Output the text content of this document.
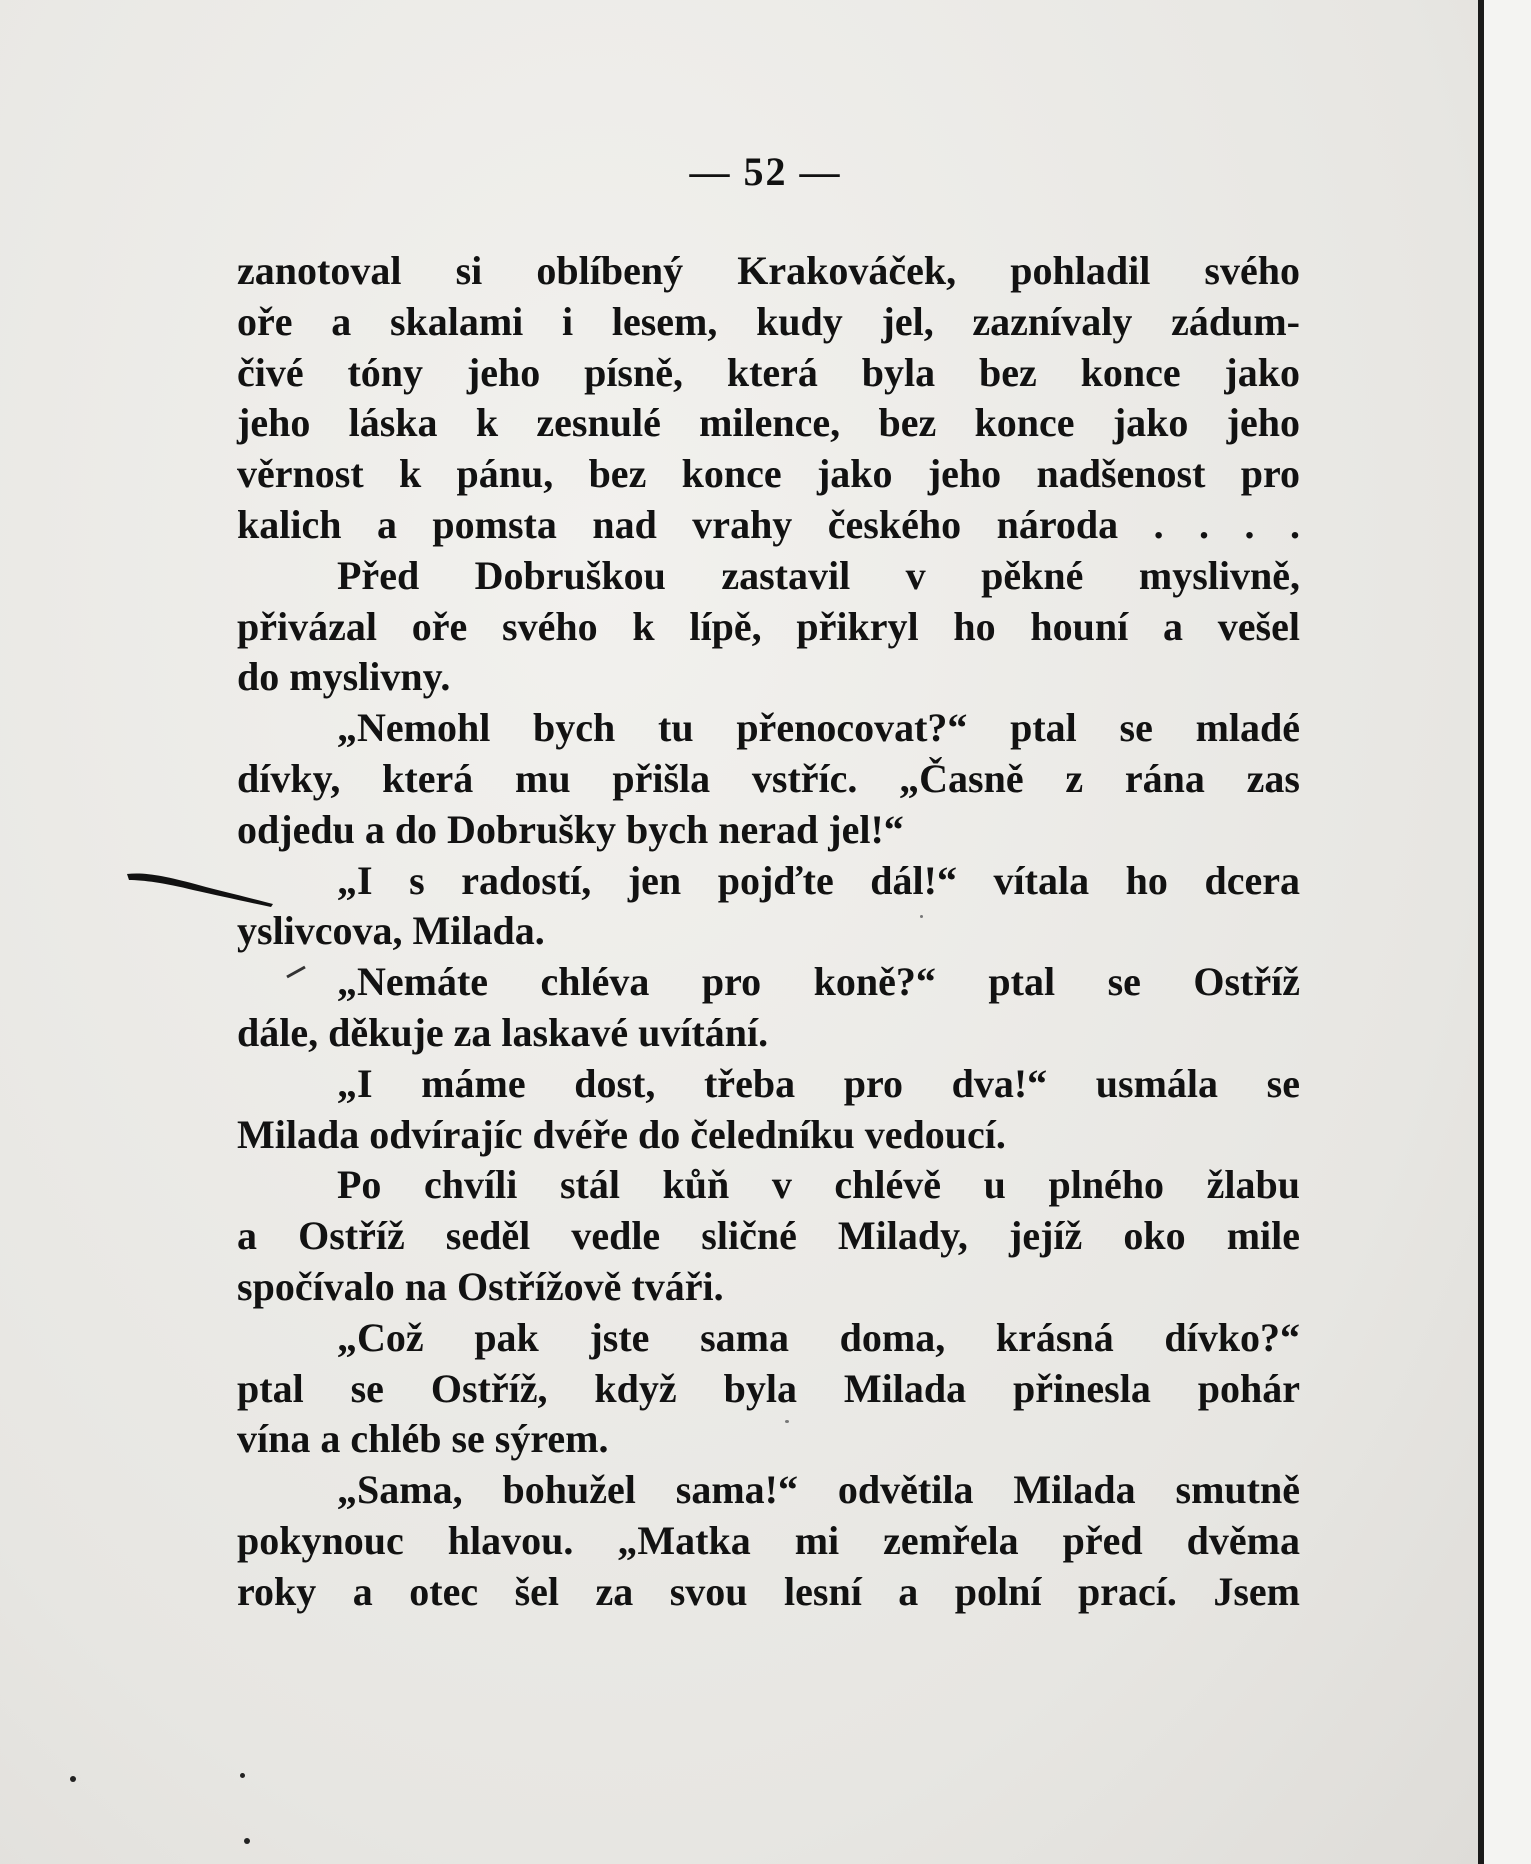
— 52 —
zanotoval si oblíbený Krakováček, pohladil svého
oře a skalami i lesem, kudy jel, zaznívaly zádum-
čivé tóny jeho písně, která byla bez konce jako
jeho láska k zesnulé milence, bez konce jako jeho
věrnost k pánu, bez konce jako jeho nadšenost pro
kalich a pomsta nad vrahy českého národa . . . .
Před Dobruškou zastavil v pěkné myslivně,
přivázal oře svého k lípě, přikryl ho houní a vešel
do myslivny.
„Nemohl bych tu přenocovat?“ ptal se mladé
dívky, která mu přišla vstříc. „Časně z rána zas
odjedu a do Dobrušky bych nerad jel!“
„I s radostí, jen pojďte dál!“ vítala ho dcera
yslivcova, Milada.
„Nemáte chléva pro koně?“ ptal se Ostříž
dále, děkuje za laskavé uvítání.
„I máme dost, třeba pro dva!“ usmála se
Milada odvírajíc dvéře do čeledníku vedoucí.
Po chvíli stál kůň v chlévě u plného žlabu
a Ostříž seděl vedle sličné Milady, jejíž oko mile
spočívalo na Ostřížově tváři.
„Což pak jste sama doma, krásná dívko?“
ptal se Ostříž, když byla Milada přinesla pohár
vína a chléb se sýrem.
„Sama, bohužel sama!“ odvětila Milada smutně
pokynouc hlavou. „Matka mi zemřela před dvěma
roky a otec šel za svou lesní a polní prací. Jsem
